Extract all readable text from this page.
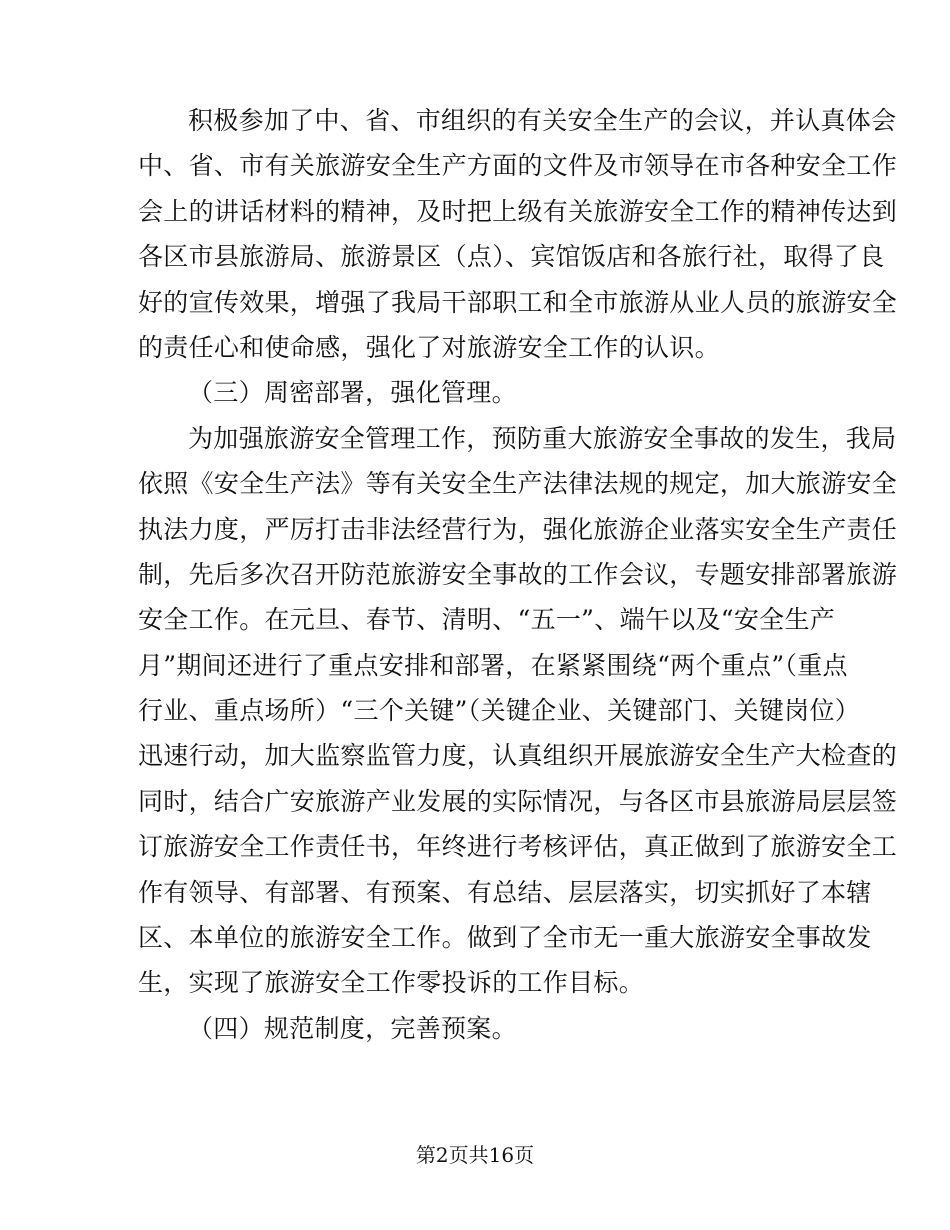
积极参加了中、省、市组织的有关安全生产的会议，并认真体会
中、省、市有关旅游安全生产方面的文件及市领导在市各种安全工作
会上的讲话材料的精神，及时把上级有关旅游安全工作的精神传达到
各区市县旅游局、旅游景区（点）、宾馆饭店和各旅行社，取得了良
好的宣传效果，增强了我局干部职工和全市旅游从业人员的旅游安全
的责任心和使命感，强化了对旅游安全工作的认识。
（三）周密部署，强化管理。
为加强旅游安全管理工作，预防重大旅游安全事故的发生，我局
依照《安全生产法》等有关安全生产法律法规的规定，加大旅游安全
执法力度，严厉打击非法经营行为，强化旅游企业落实安全生产责任
制，先后多次召开防范旅游安全事故的工作会议，专题安排部署旅游
安全工作。在元旦、春节、清明、“五一”、端午以及“安全生产
月”期间还进行了重点安排和部署，在紧紧围绕“两个重点”（重点
行业、重点场所）“三个关键”（关键企业、关键部门、关键岗位）
迅速行动，加大监察监管力度，认真组织开展旅游安全生产大检查的
同时，结合广安旅游产业发展的实际情况，与各区市县旅游局层层签
订旅游安全工作责任书，年终进行考核评估，真正做到了旅游安全工
作有领导、有部署、有预案、有总结、层层落实，切实抓好了本辖
区、本单位的旅游安全工作。做到了全市无一重大旅游安全事故发
生，实现了旅游安全工作零投诉的工作目标。
（四）规范制度，完善预案。
第2页共16页
